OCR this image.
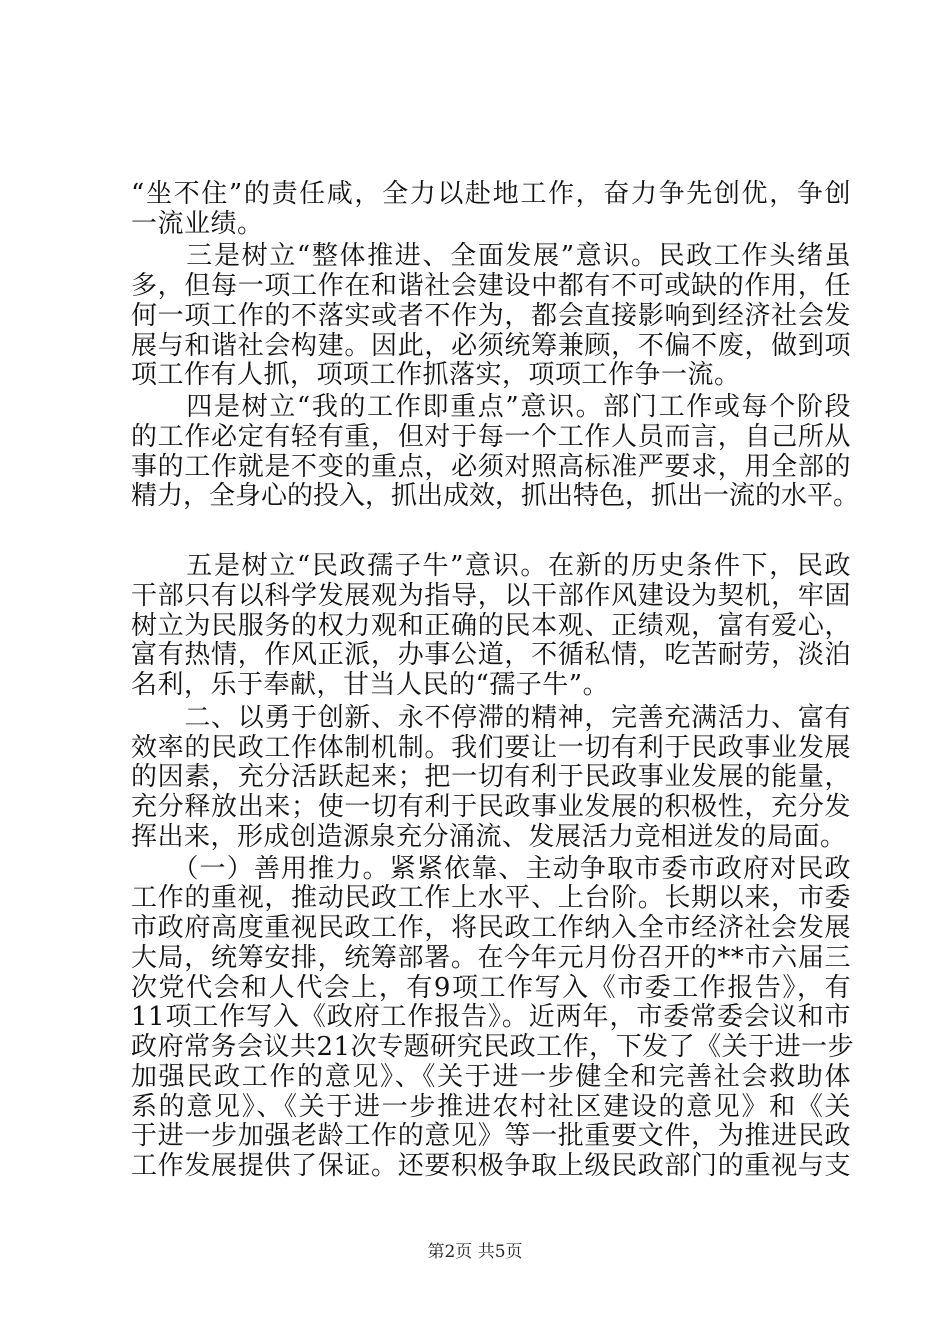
“坐不住”的责任咸，全力以赴地工作，奋力争先创优，争创
一流业绩。
　　三是树立“整体推进、全面发展”意识。民政工作头绪虽
多，但每一项工作在和谐社会建设中都有不可或缺的作用，任
何一项工作的不落实或者不作为，都会直接影响到经济社会发
展与和谐社会构建。因此，必须统筹兼顾，不偏不废，做到项
项工作有人抓，项项工作抓落实，项项工作争一流。
　　四是树立“我的工作即重点”意识。部门工作或每个阶段
的工作必定有轻有重，但对于每一个工作人员而言，自己所从
事的工作就是不变的重点，必须对照高标准严要求，用全部的
精力，全身心的投入，抓出成效，抓出特色，抓出一流的水平。
　　五是树立“民政孺子牛”意识。在新的历史条件下，民政
干部只有以科学发展观为指导，以干部作风建设为契机，牢固
树立为民服务的权力观和正确的民本观、正绩观，富有爱心，
富有热情，作风正派，办事公道，不循私情，吃苦耐劳，淡泊
名利，乐于奉献，甘当人民的“孺子牛”。
　　二、以勇于创新、永不停滞的精神，完善充满活力、富有
效率的民政工作体制机制。我们要让一切有利于民政事业发展
的因素，充分活跃起来；把一切有利于民政事业发展的能量，
充分释放出来；使一切有利于民政事业发展的积极性，充分发
挥出来，形成创造源泉充分涌流、发展活力竞相迸发的局面。
　　（一）善用推力。紧紧依靠、主动争取市委市政府对民政
工作的重视，推动民政工作上水平、上台阶。长期以来，市委
市政府高度重视民政工作，将民政工作纳入全市经济社会发展
大局，统筹安排，统筹部署。在今年元月份召开的**市六届三
次党代会和人代会上，有9项工作写入《市委工作报告》，有
11项工作写入《政府工作报告》。近两年，市委常委会议和市
政府常务会议共21次专题研究民政工作，下发了《关于进一步
加强民政工作的意见》、《关于进一步健全和完善社会救助体
第2页 共5页
系的意见》、《关于进一步推进农村社区建设的意见》和《关
于进一步加强老龄工作的意见》等一批重要文件，为推进民政
工作发展提供了保证。还要积极争取上级民政部门的重视与支
